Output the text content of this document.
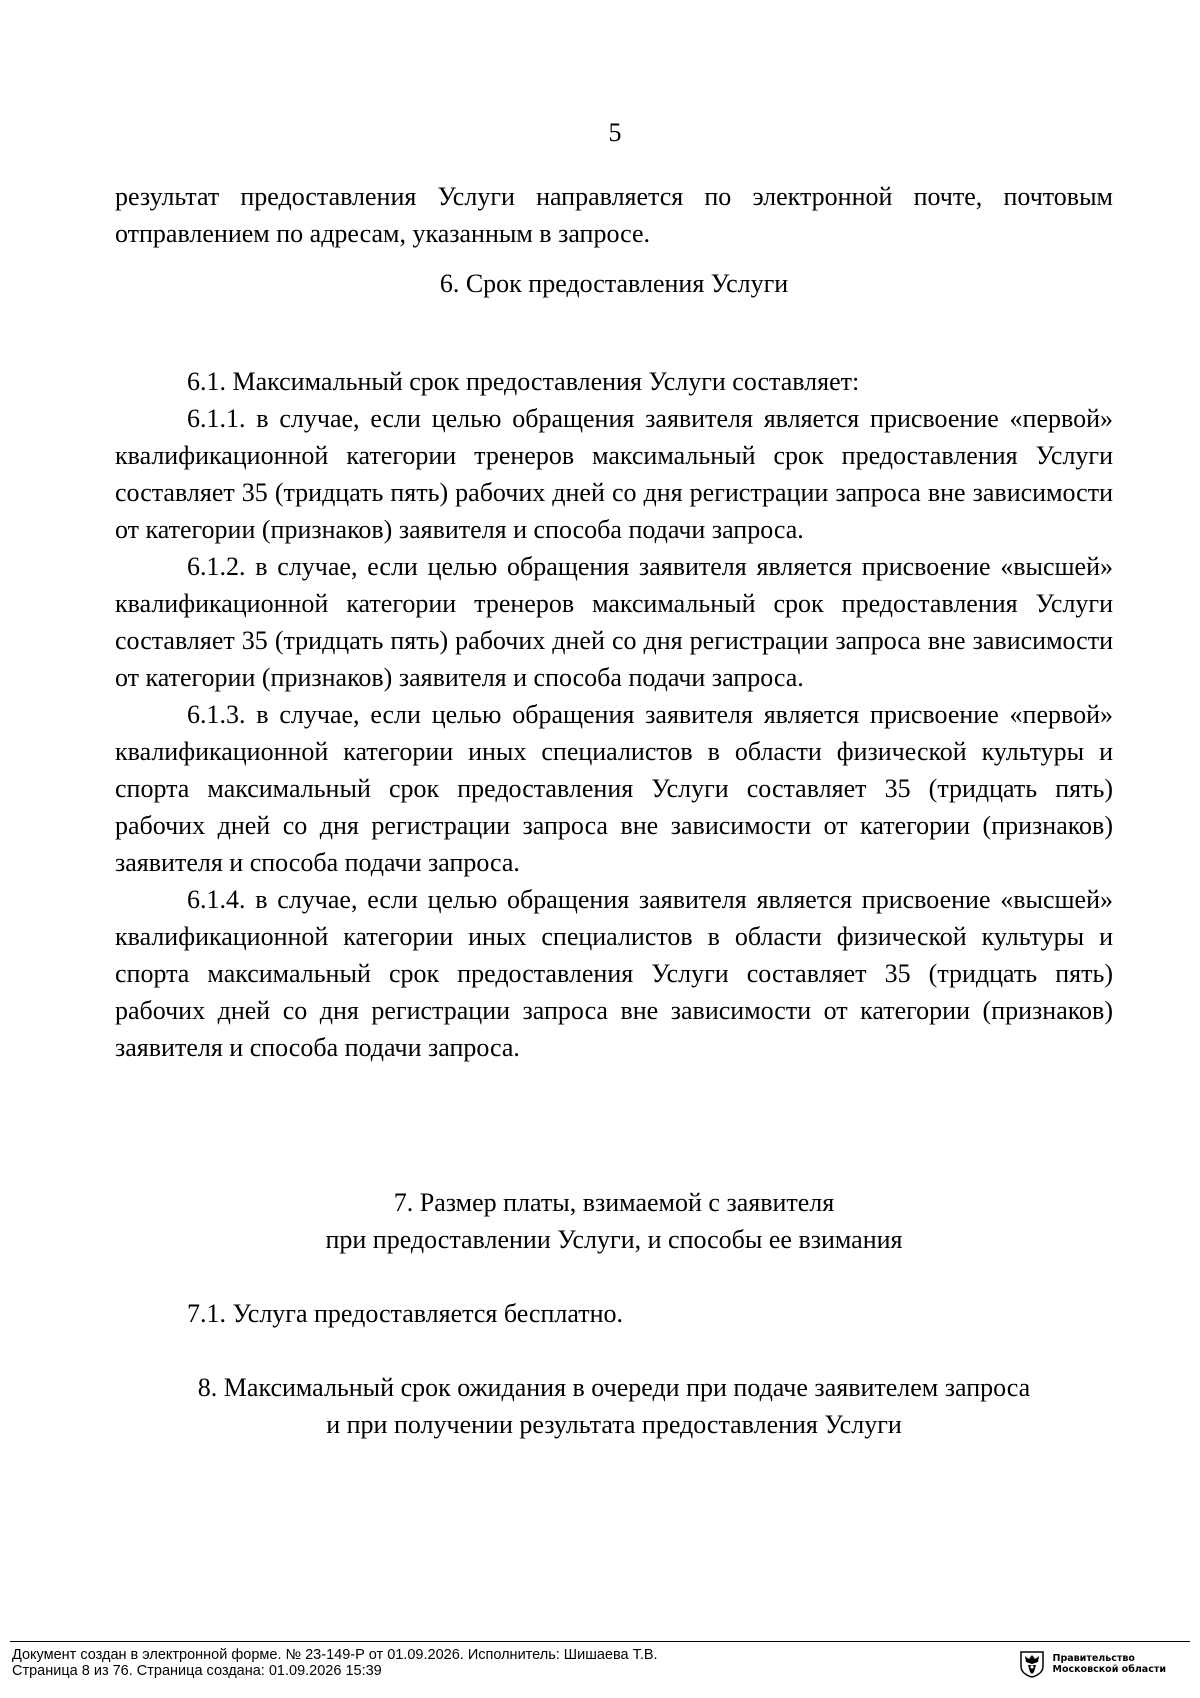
5

результат предоставления Услуги направляется по электронной почте, почтовым

отправлением по адресам, указанным в запросе.

6. Срок предоставления Услуги

6.1. Максимальный срок предоставления Услуги составляет:

6.1.1. в случае, если целью обращения заявителя является присвоение «первой» квалификационной категории тренеров максимальный срок предоставления Услуги составляет 35 (тридцать пять) рабочих дней со дня регистрации запроса вне зависимости от категории (признаков) заявителя и способа подачи запроса.

6.1.2. в случае, если целью обращения заявителя является присвоение «высшей» квалификационной категории тренеров максимальный срок предоставления Услуги составляет 35 (тридцать пять) рабочих дней со дня регистрации запроса вне зависимости от категории (признаков) заявителя и способа подачи запроса.

6.1.3. в случае, если целью обращения заявителя является присвоение «первой» квалификационной категории иных специалистов в области физической культуры и спорта максимальный срок предоставления Услуги составляет 35 (тридцать пять) рабочих дней со дня регистрации запроса вне зависимости от категории (признаков) заявителя и способа подачи запроса.

6.1.4. в случае, если целью обращения заявителя является присвоение «высшей» квалификационной категории иных специалистов в области физической культуры и спорта максимальный срок предоставления Услуги составляет 35 (тридцать пять) рабочих дней со дня регистрации запроса вне зависимости от категории (признаков) заявителя и способа подачи запроса.

7. Размер платы, взимаемой с заявителя
при предоставлении Услуги, и способы ее взимания

7.1. Услуга предоставляется бесплатно.

8. Максимальный срок ожидания в очереди при подаче заявителем запроса
и при получении результата предоставления Услуги
Документ создан в электронной форме. № 23-149-Р от 01.09.2026. Исполнитель: Шишаева Т.В.
Страница 8 из 76. Страница создана: 01.09.2026 15:39
Правительство
Московской области
